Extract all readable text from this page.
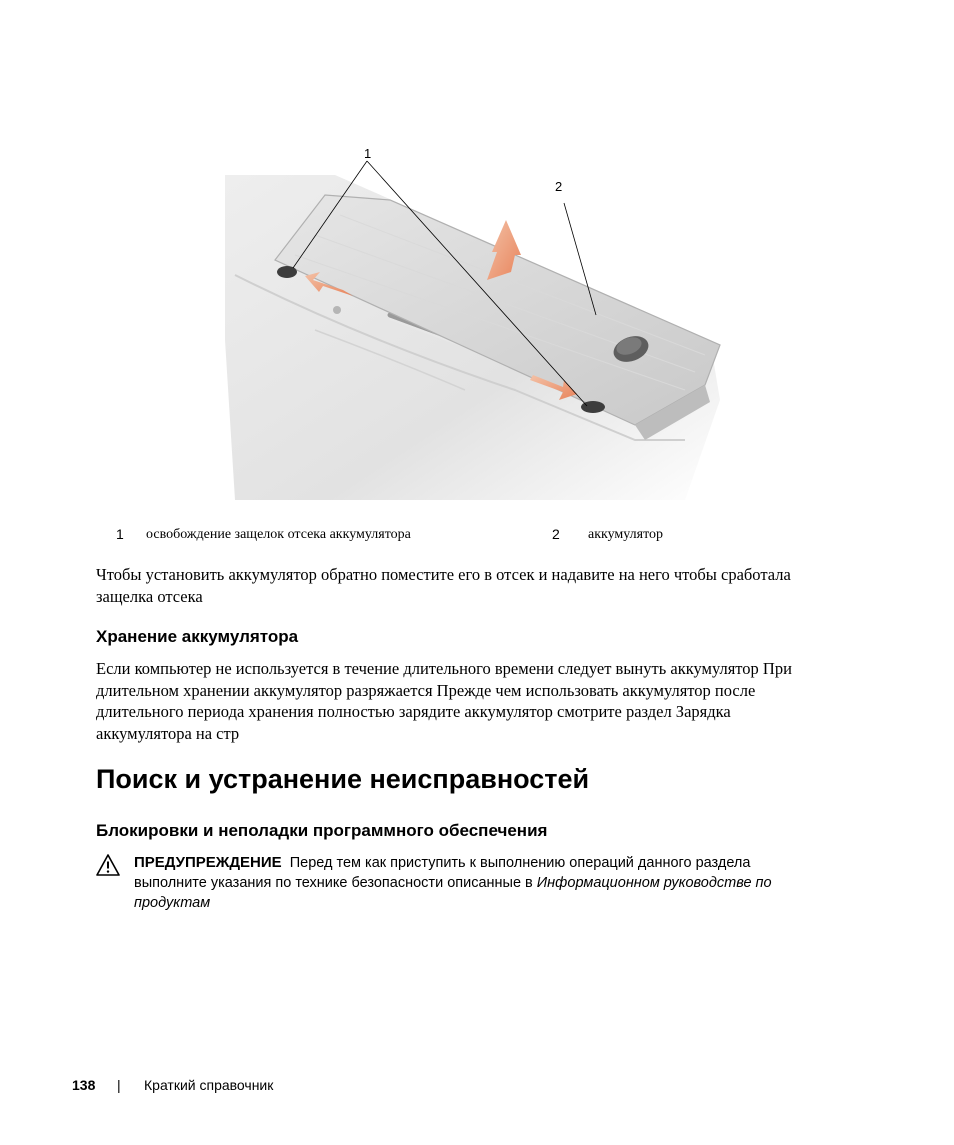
1
2
1 освобождение защелок отсека аккумулятора	2 аккумулятор
Чтобы установить аккумулятор обратно поместите его в отсек и надавите на него чтобы сработала
защелка отсека
Хранение аккумулятора
Если компьютер не используется в течение длительного времени следует вынуть аккумулятор При
длительном хранении аккумулятор разряжается Прежде чем использовать аккумулятор после
длительного периода хранения полностью зарядите аккумулятор смотрите раздел Зарядка
аккумулятора на стр
Поиск и устранение неисправностей
Блокировки и неполадки программного обеспечения
ПРЕДУПРЕЖДЕНИЕ Перед тем как приступить к выполнению операций данного раздела
выполните указания по технике безопасности описанные в Информационном руководстве по
продуктам
138 | Краткий справочник
